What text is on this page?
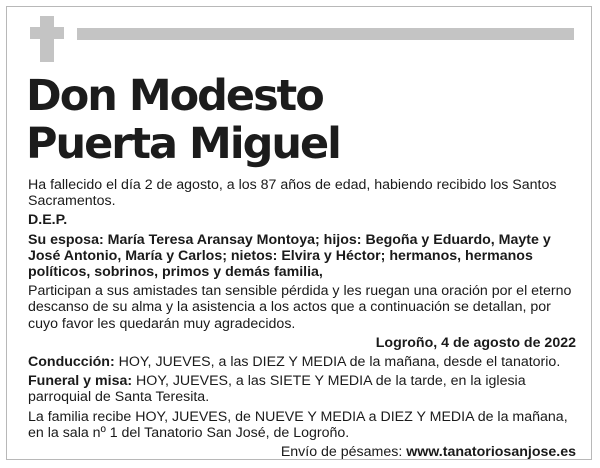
Don Modesto
Puerta Miguel

Ha fallecido el día 2 de agosto, a los 87 años de edad, habiendo recibido los Santos Sacramentos.

D.E.P.

Su esposa: María Teresa Aransay Montoya; hijos: Begoña y Eduardo, Mayte y José Antonio, María y Carlos; nietos: Elvira y Héctor; hermanos, hermanos políticos, sobrinos, primos y demás familia,

Participan a sus amistades tan sensible pérdida y les ruegan una oración por el eterno descanso de su alma y la asistencia a los actos que a continuación se detallan, por cuyo favor les quedarán muy agradecidos.

Logroño, 4 de agosto de 2022

Conducción: HOY, JUEVES, a las DIEZ Y MEDIA de la mañana, desde el tanatorio.

Funeral y misa: HOY, JUEVES, a las SIETE Y MEDIA de la tarde, en la iglesia parroquial de Santa Teresita.

La familia recibe HOY, JUEVES, de NUEVE Y MEDIA a DIEZ Y MEDIA de la mañana, en la sala nº 1 del Tanatorio San José, de Logroño.

Envío de pésames: www.tanatoriosanjose.es
